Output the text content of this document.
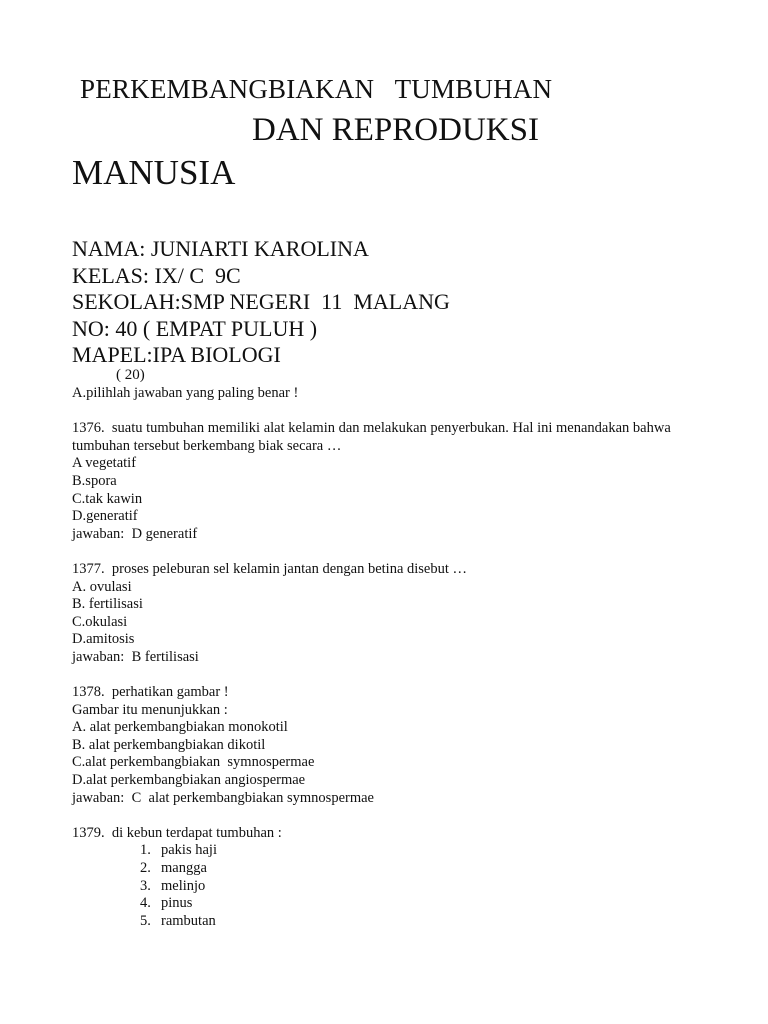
PERKEMBANGBIAKAN   TUMBUHAN
DAN REPRODUKSI
MANUSIA
NAMA: JUNIARTI KAROLINA
KELAS: IX/ C  9C
SEKOLAH:SMP NEGERI  11  MALANG
NO: 40 ( EMPAT PULUH )
MAPEL:IPA BIOLOGI
( 20)
A.pilihlah jawaban yang paling benar !
1376.  suatu tumbuhan memiliki alat kelamin dan melakukan penyerbukan. Hal ini menandakan bahwa
tumbuhan tersebut berkembang biak secara …
A vegetatif
B.spora
C.tak kawin
D.generatif
jawaban:  D generatif
1377.  proses peleburan sel kelamin jantan dengan betina disebut …
A. ovulasi
B. fertilisasi
C.okulasi
D.amitosis
jawaban:  B fertilisasi
1378.  perhatikan gambar !
Gambar itu menunjukkan :
A. alat perkembangbiakan monokotil
B. alat perkembangbiakan dikotil
C.alat perkembangbiakan  symnospermae
D.alat perkembangbiakan angiospermae
jawaban:  C  alat perkembangbiakan symnospermae
1379.  di kebun terdapat tumbuhan :
1. pakis haji
2. mangga
3. melinjo
4. pinus
5. rambutan
